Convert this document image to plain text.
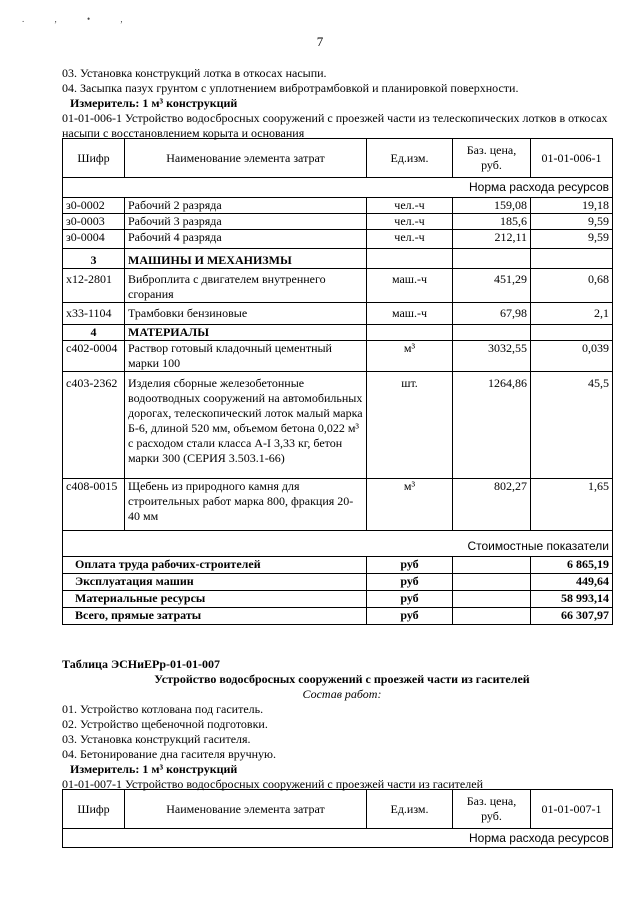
. , • ,
7

03. Установка конструкций лотка в откосах насыпи.

04. Засыпка пазух грунтом с уплотнением вибротрамбовкой и планировкой поверхности.

Измеритель: 1 м³ конструкций

01-01-006-1 Устройство водосбросных сооружений с проезжей части из телескопических лотков в откосах насыпи с восстановлением корыта и основания

Шифр	Наименование элемента затрат	Ед.изм.	Баз. цена, руб.	01-01-006-1
Норма расхода ресурсов				
з0-0002	Рабочий 2 разряда	чел.-ч	159,08	19,18
з0-0003	Рабочий 3 разряда	чел.-ч	185,6	9,59
з0-0004	Рабочий 4 разряда	чел.-ч	212,11	9,59
3	МАШИНЫ И МЕХАНИЗМЫ			
х12-2801	Виброплита с двигателем внутреннего сгорания	маш.-ч	451,29	0,68
х33-1104	Трамбовки бензиновые	маш.-ч	67,98	2,1
4	МАТЕРИАЛЫ			
с402-0004	Раствор готовый кладочный цементный марки 100	м³	3032,55	0,039
с403-2362	Изделия сборные железобетонные водоотводных сооружений на автомобильных дорогах, телескопический лоток малый марка Б-6, длиной 520 мм, объемом бетона 0,022 м³ с расходом стали класса А-I 3,33 кг, бетон марки 300 (СЕРИЯ 3.503.1-66)	шт.	1264,86	45,5
с408-0015	Щебень из природного камня для строительных работ марка 800, фракция 20-40 мм	м³	802,27	1,65
Стоимостные показатели				
Оплата труда рабочих-строителей		руб		6 865,19
Эксплуатация машин		руб		449,64
Материальные ресурсы		руб		58 993,14
Всего, прямые затраты		руб		66 307,97

Таблица ЭСНиЕРр-01-01-007

Устройство водосбросных сооружений с проезжей части из гасителей

Состав работ:

01. Устройство котлована под гаситель.

02. Устройство щебеночной подготовки.

03. Установка конструкций гасителя.

04. Бетонирование дна гасителя вручную.

Измеритель: 1 м³ конструкций

01-01-007-1 Устройство водосбросных сооружений с проезжей части из гасителей

Шифр	Наименование элемента затрат	Ед.изм.	Баз. цена, руб.	01-01-007-1
Норма расхода ресурсов
